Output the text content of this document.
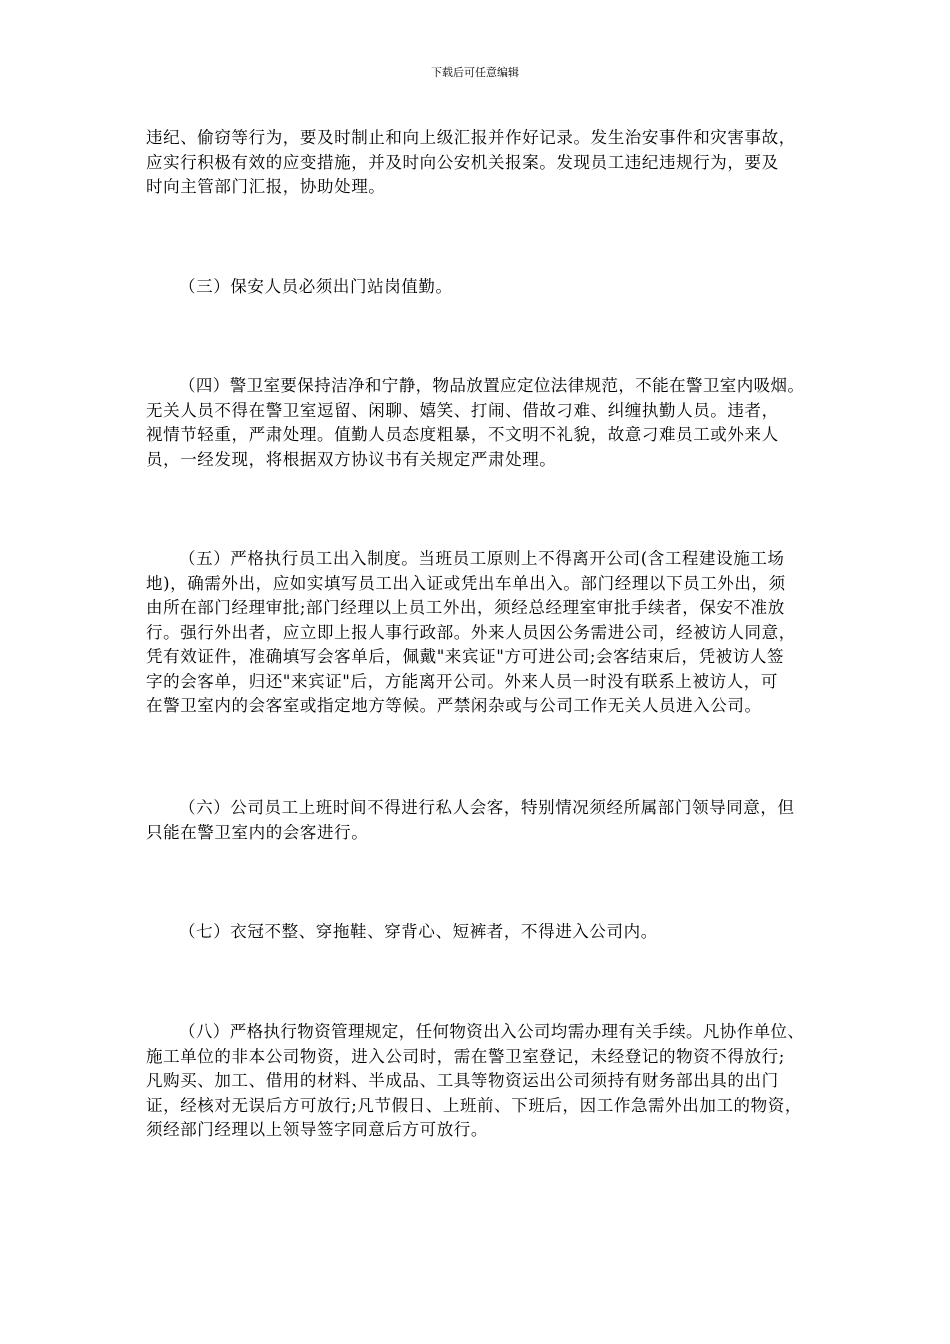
下载后可任意编辑

违纪、偷窃等行为，要及时制止和向上级汇报并作好记录。发生治安事件和灾害事故，
应实行积极有效的应变措施，并及时向公安机关报案。发现员工违纪违规行为，要及
时向主管部门汇报，协助处理。

（三）保安人员必须出门站岗值勤。

（四）警卫室要保持洁净和宁静，物品放置应定位法律规范，不能在警卫室内吸烟。
无关人员不得在警卫室逗留、闲聊、嬉笑、打闹、借故刁难、纠缠执勤人员。违者，
视情节轻重，严肃处理。值勤人员态度粗暴，不文明不礼貌，故意刁难员工或外来人
员，一经发现，将根据双方协议书有关规定严肃处理。

（五）严格执行员工出入制度。当班员工原则上不得离开公司(含工程建设施工场
地)，确需外出，应如实填写员工出入证或凭出车单出入。部门经理以下员工外出，须
由所在部门经理审批;部门经理以上员工外出，须经总经理室审批手续者，保安不准放
行。强行外出者，应立即上报人事行政部。外来人员因公务需进公司，经被访人同意，
凭有效证件，准确填写会客单后，佩戴"来宾证"方可进公司;会客结束后，凭被访人签
字的会客单，归还"来宾证"后，方能离开公司。外来人员一时没有联系上被访人，可
在警卫室内的会客室或指定地方等候。严禁闲杂或与公司工作无关人员进入公司。

（六）公司员工上班时间不得进行私人会客，特别情况须经所属部门领导同意，但
只能在警卫室内的会客进行。

（七）衣冠不整、穿拖鞋、穿背心、短裤者，不得进入公司内。

（八）严格执行物资管理规定，任何物资出入公司均需办理有关手续。凡协作单位、
施工单位的非本公司物资，进入公司时，需在警卫室登记，未经登记的物资不得放行;
凡购买、加工、借用的材料、半成品、工具等物资运出公司须持有财务部出具的出门
证，经核对无误后方可放行;凡节假日、上班前、下班后，因工作急需外出加工的物资，
须经部门经理以上领导签字同意后方可放行。
